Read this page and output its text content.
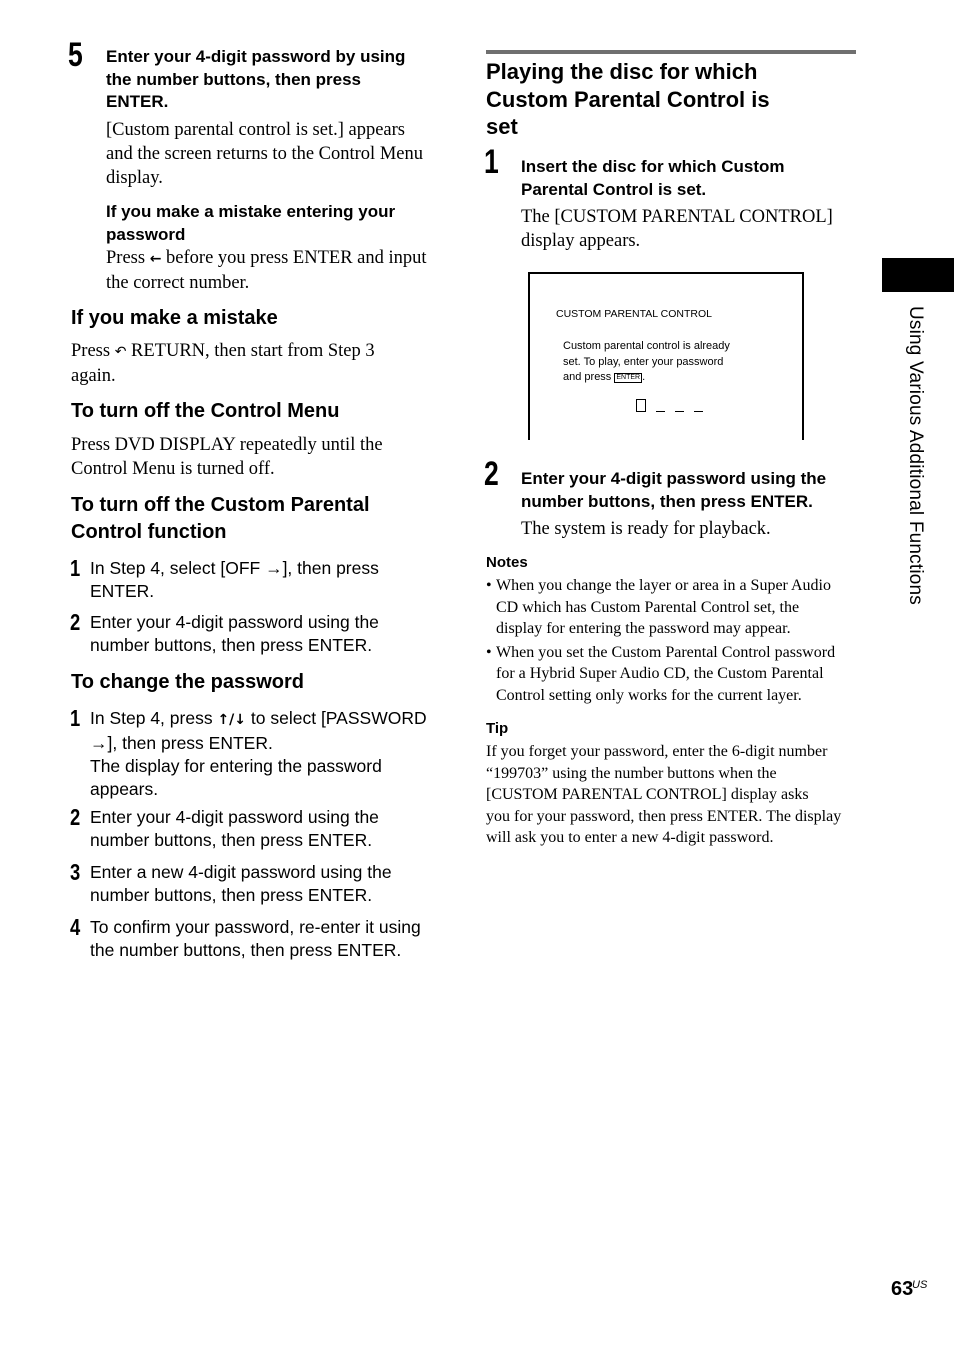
5 Enter your 4-digit password by using
the number buttons, then press
ENTER.
[Custom parental control is set.] appears
and the screen returns to the Control Menu
display.
If you make a mistake entering your
password
Press ← before you press ENTER and input
the correct number.
If you make a mistake
Press ↶ RETURN, then start from Step 3
again.
To turn off the Control Menu
Press DVD DISPLAY repeatedly until the
Control Menu is turned off.
To turn off the Custom Parental
Control function
1 In Step 4, select [OFF →], then press
ENTER.
2 Enter your 4-digit password using the
number buttons, then press ENTER.
To change the password
1 In Step 4, press ↑/↓ to select [PASSWORD
→], then press ENTER.
The display for entering the password
appears.
2 Enter your 4-digit password using the
number buttons, then press ENTER.
3 Enter a new 4-digit password using the
number buttons, then press ENTER.
4 To confirm your password, re-enter it using
the number buttons, then press ENTER.
Playing the disc for which
Custom Parental Control is
set
1 Insert the disc for which Custom
Parental Control is set.
The [CUSTOM PARENTAL CONTROL]
display appears.
CUSTOM PARENTAL CONTROL
Custom parental control is already
set. To play, enter your password
and press ENTER .
2 Enter your 4-digit password using the
number buttons, then press ENTER.
The system is ready for playback.
Notes
• When you change the layer or area in a Super Audio
CD which has Custom Parental Control set, the
display for entering the password may appear.
• When you set the Custom Parental Control password
for a Hybrid Super Audio CD, the Custom Parental
Control setting only works for the current layer.
Tip
If you forget your password, enter the 6-digit number
“199703” using the number buttons when the
[CUSTOM PARENTAL CONTROL] display asks
you for your password, then press ENTER. The display
will ask you to enter a new 4-digit password.
Using Various Additional Functions
63
US
